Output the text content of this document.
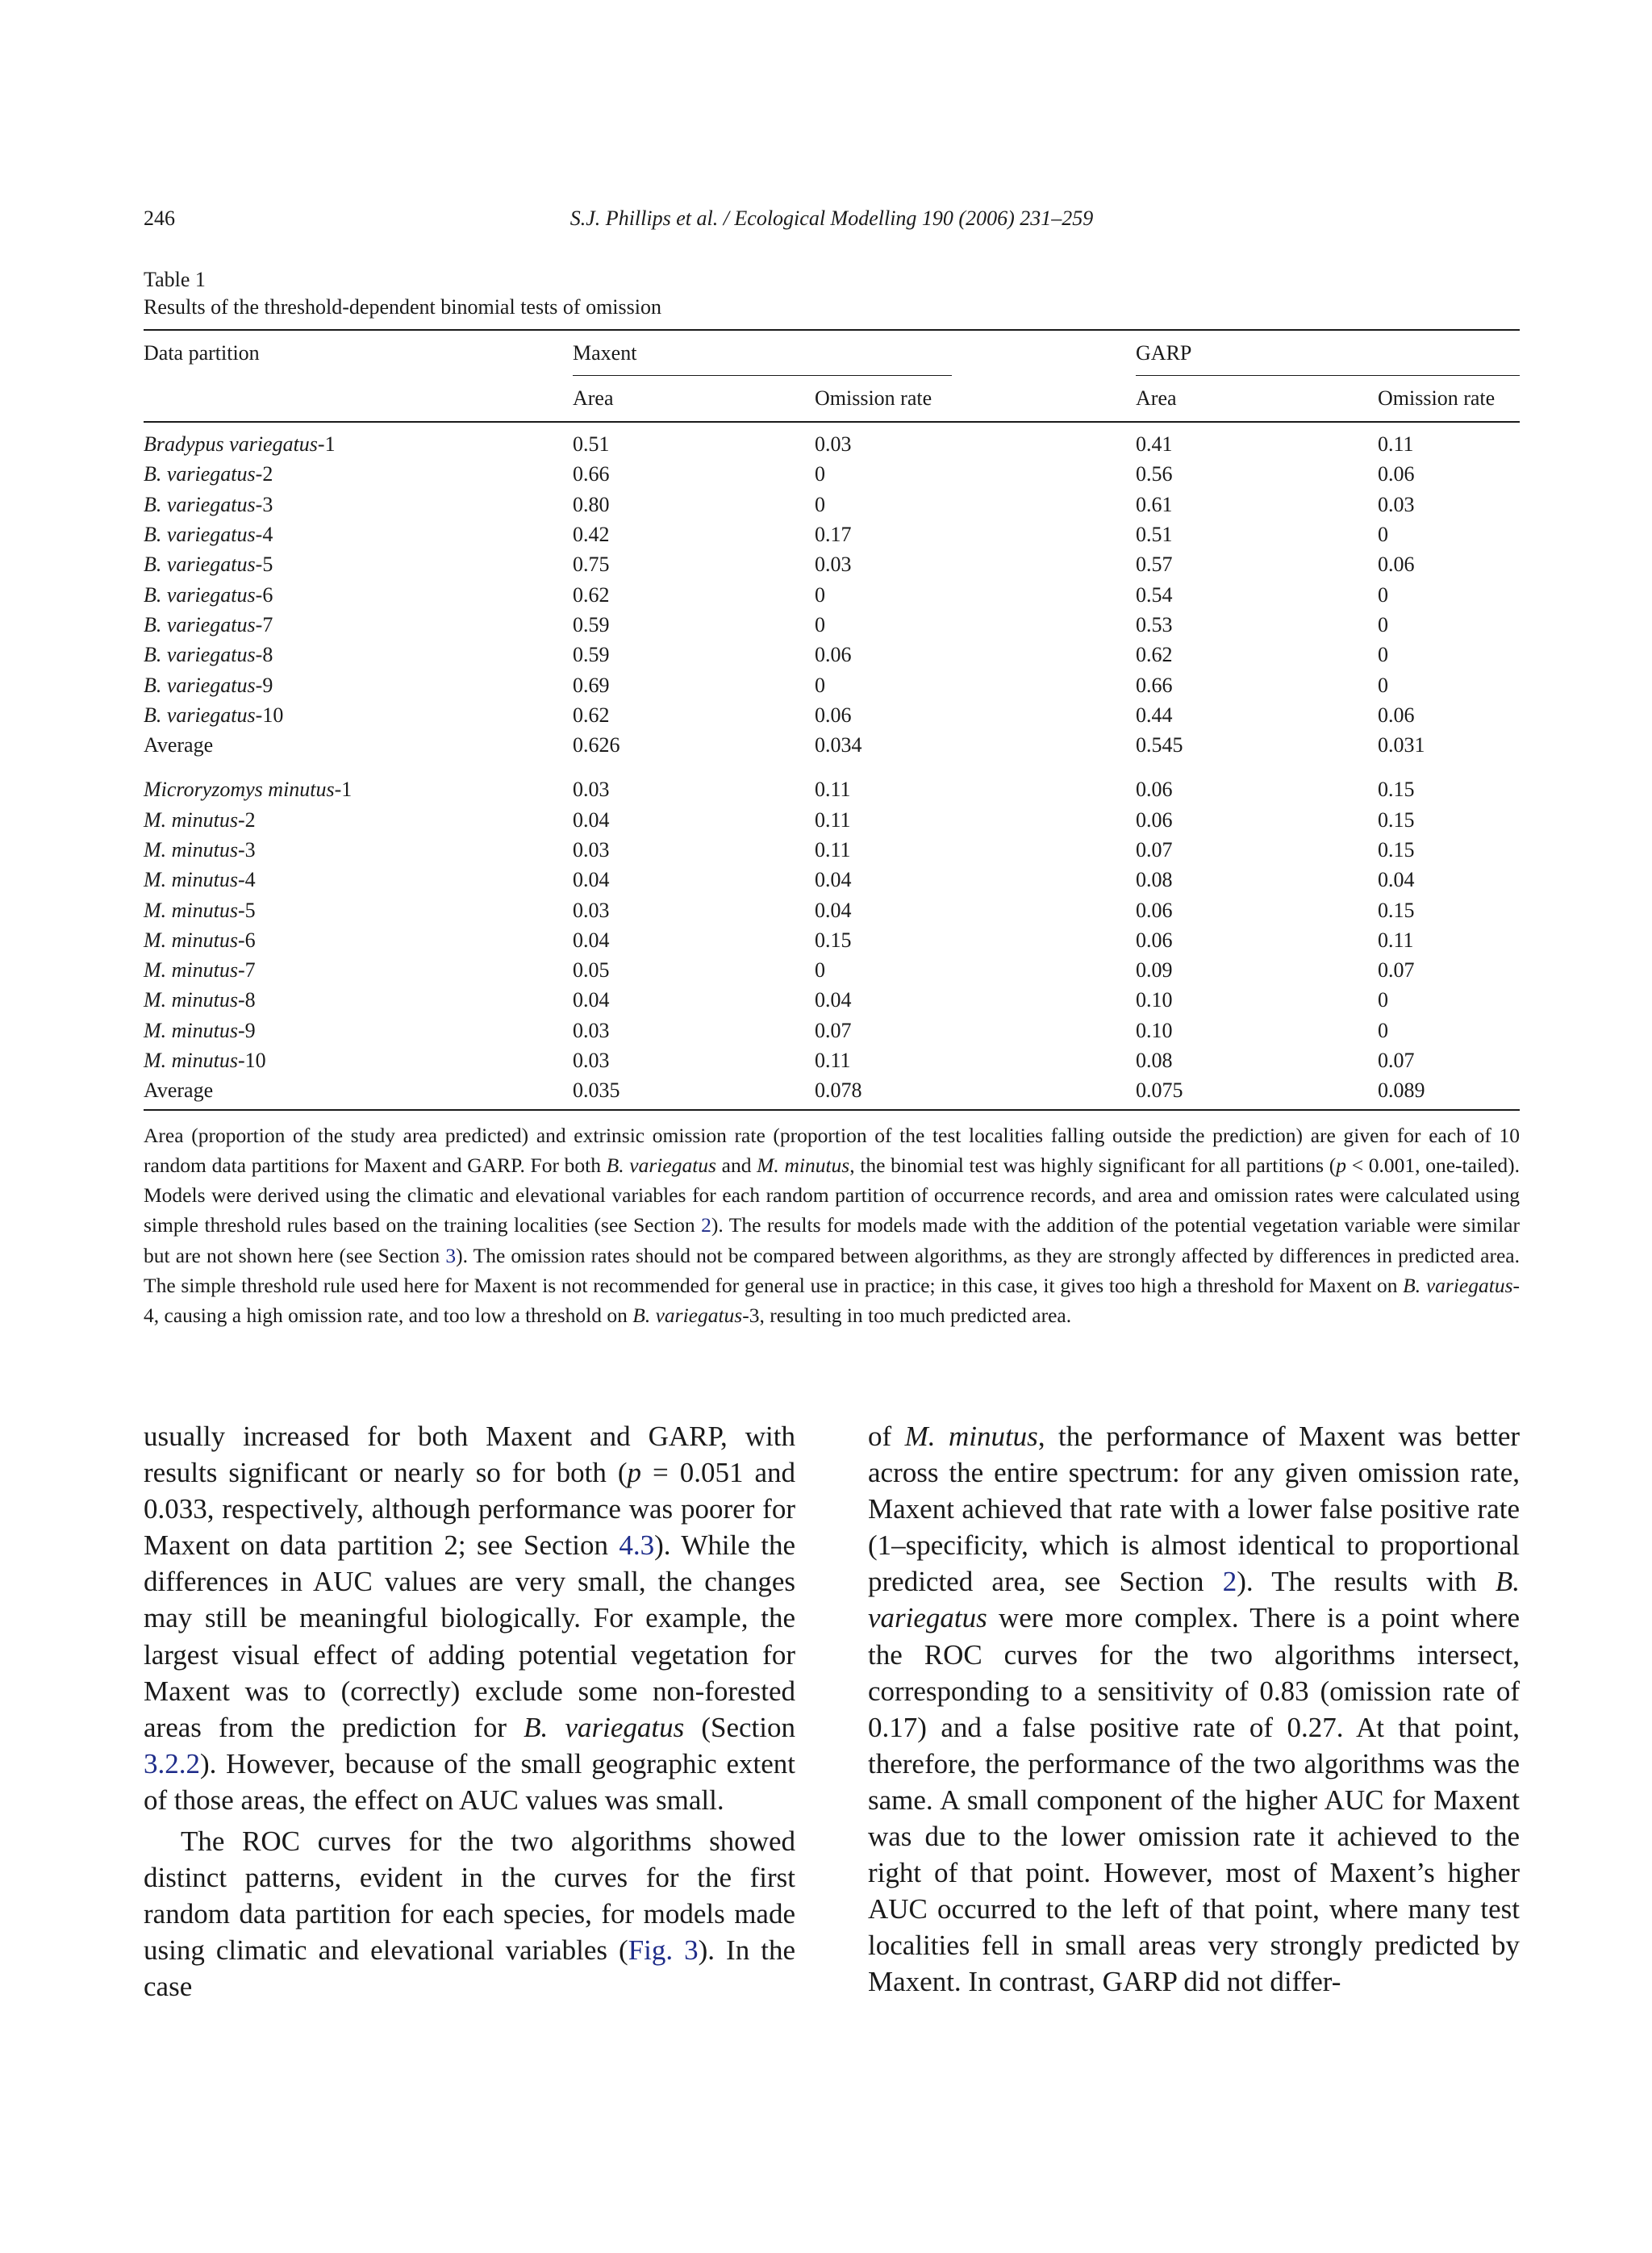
246	S.J. Phillips et al. / Ecological Modelling 190 (2006) 231–259
Table 1
Results of the threshold-dependent binomial tests of omission
Data partition	Maxent		GARP	
	Area	Omission rate	Area	Omission rate
Bradypus variegatus-1	0.51	0.03	0.41	0.11
B. variegatus-2	0.66	0	0.56	0.06
B. variegatus-3	0.80	0	0.61	0.03
B. variegatus-4	0.42	0.17	0.51	0
B. variegatus-5	0.75	0.03	0.57	0.06
B. variegatus-6	0.62	0	0.54	0
B. variegatus-7	0.59	0	0.53	0
B. variegatus-8	0.59	0.06	0.62	0
B. variegatus-9	0.69	0	0.66	0
B. variegatus-10	0.62	0.06	0.44	0.06
Average	0.626	0.034	0.545	0.031
Microryzomys minutus-1	0.03	0.11	0.06	0.15
M. minutus-2	0.04	0.11	0.06	0.15
M. minutus-3	0.03	0.11	0.07	0.15
M. minutus-4	0.04	0.04	0.08	0.04
M. minutus-5	0.03	0.04	0.06	0.15
M. minutus-6	0.04	0.15	0.06	0.11
M. minutus-7	0.05	0	0.09	0.07
M. minutus-8	0.04	0.04	0.10	0
M. minutus-9	0.03	0.07	0.10	0
M. minutus-10	0.03	0.11	0.08	0.07
Average	0.035	0.078	0.075	0.089
Area (proportion of the study area predicted) and extrinsic omission rate (proportion of the test localities falling outside the prediction) are given for each of 10 random data partitions for Maxent and GARP. For both B. variegatus and M. minutus, the binomial test was highly significant for all partitions (p < 0.001, one-tailed). Models were derived using the climatic and elevational variables for each random partition of occurrence records, and area and omission rates were calculated using simple threshold rules based on the training localities (see Section 2). The results for models made with the addition of the potential vegetation variable were similar but are not shown here (see Section 3). The omission rates should not be compared between algorithms, as they are strongly affected by differences in predicted area. The simple threshold rule used here for Maxent is not recommended for general use in practice; in this case, it gives too high a threshold for Maxent on B. variegatus-4, causing a high omission rate, and too low a threshold on B. variegatus-3, resulting in too much predicted area.

usually increased for both Maxent and GARP, with results significant or nearly so for both (p = 0.051 and 0.033, respectively, although performance was poorer for Maxent on data partition 2; see Section 4.3). While the differences in AUC values are very small, the changes may still be meaningful biologically. For example, the largest visual effect of adding potential vegetation for Maxent was to (correctly) exclude some non-forested areas from the prediction for B. variegatus (Section 3.2.2). However, because of the small geographic extent of those areas, the effect on AUC values was small.

The ROC curves for the two algorithms showed distinct patterns, evident in the curves for the first random data partition for each species, for models made using climatic and elevational variables (Fig. 3). In the case

of M. minutus, the performance of Maxent was better across the entire spectrum: for any given omission rate, Maxent achieved that rate with a lower false positive rate (1–specificity, which is almost identical to proportional predicted area, see Section 2). The results with B. variegatus were more complex. There is a point where the ROC curves for the two algorithms intersect, corresponding to a sensitivity of 0.83 (omission rate of 0.17) and a false positive rate of 0.27. At that point, therefore, the performance of the two algorithms was the same. A small component of the higher AUC for Maxent was due to the lower omission rate it achieved to the right of that point. However, most of Maxent’s higher AUC occurred to the left of that point, where many test localities fell in small areas very strongly predicted by Maxent. In contrast, GARP did not differ-
